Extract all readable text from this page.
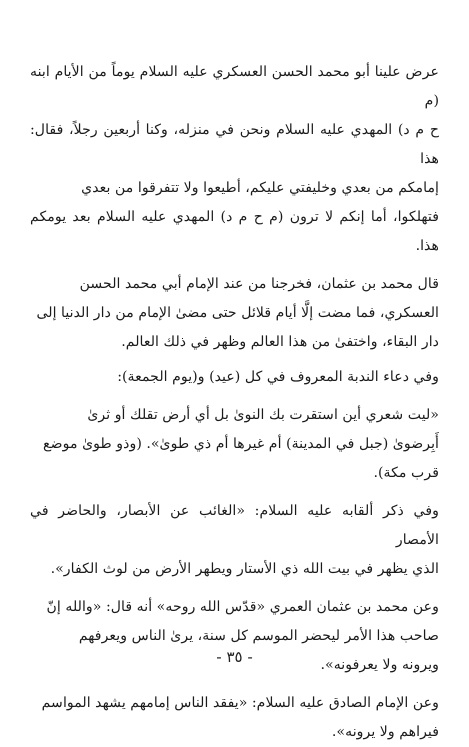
عرض علينا أبو محمد الحسن العسكري عليه السلام يوماً من الأيام ابنه (م
ح م د) المهدي عليه السلام ونحن في منزله، وكنا أربعين رجلاً، فقال: هذا
إمامكم من بعدي وخليفتي عليكم، أطيعوا ولا تتفرقوا من بعدي
فتهلكوا، أما إنكم لا ترون (م ح م د) المهدي عليه السلام بعد يومكم هذا.

قال محمد بن عثمان، فخرجنا من عند الإمام أبي محمد الحسن
العسكري، فما مضت إلَّا أيام قلائل حتى مضىٰ الإمام من دار الدنيا إلى
دار البقاء، واختفىٰ من هذا العالم وظهر في ذلك العالم.

وفي دعاء الندبة المعروف في كل (عيد) و(يوم الجمعة):

«ليت شعري أين استقرت بك النوىٰ بل أي أرض تقلك أو ثرىٰ
أَبِرضوىٰ (جبل في المدينة) أم غيرها أم ذي طوىٰ». (وذو طوىٰ موضع
قرب مكة).

وفي ذكر ألقابه عليه السلام: «الغائب عن الأبصار، والحاضر في الأمصار
الذي يظهر في بيت الله ذي الأستار ويطهر الأرض من لوث الكفار».

وعن محمد بن عثمان العمري «قدّس الله روحه» أنه قال: «والله إنّ
صاحب هذا الأمر ليحضر الموسم كل سنة، يرىٰ الناس ويعرفهم
ويرونه ولا يعرفونه».

وعن الإمام الصادق عليه السلام: «يفقد الناس إمامهم يشهد المواسم
فيراهم ولا يرونه».

- ٣٥ -
